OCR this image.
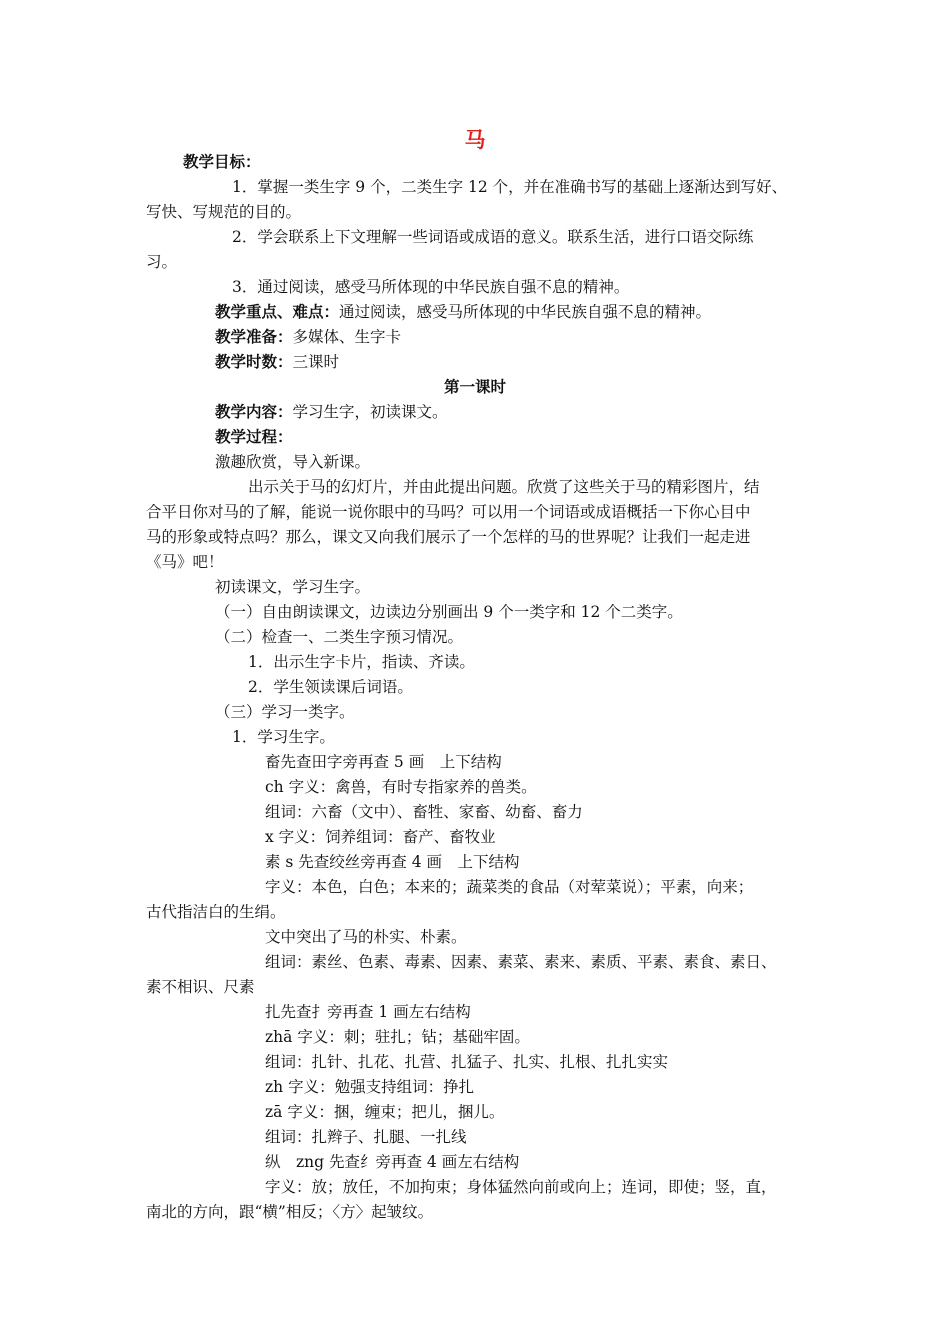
马
教学目标：
1．掌握一类生字 9 个，二类生字 12 个，并在准确书写的基础上逐渐达到写好、
写快、写规范的目的。
2．学会联系上下文理解一些词语或成语的意义。联系生活，进行口语交际练
习。
3．通过阅读，感受马所体现的中华民族自强不息的精神。
教学重点、难点：通过阅读，感受马所体现的中华民族自强不息的精神。
教学准备：多媒体、生字卡
教学时数：三课时
第一课时
教学内容：学习生字，初读课文。
教学过程：
激趣欣赏，导入新课。
出示关于马的幻灯片，并由此提出问题。欣赏了这些关于马的精彩图片，结
合平日你对马的了解，能说一说你眼中的马吗？可以用一个词语或成语概括一下你心目中
马的形象或特点吗？那么，课文又向我们展示了一个怎样的马的世界呢？让我们一起走进
《马》吧！
初读课文，学习生字。
（一）自由朗读课文，边读边分别画出 9 个一类字和 12 个二类字。
（二）检查一、二类生字预习情况。
1．出示生字卡片，指读、齐读。
2．学生领读课后词语。
（三）学习一类字。
1．学习生字。
畜先查田字旁再查 5 画　上下结构
ch 字义：禽兽，有时专指家养的兽类。
组词：六畜（文中）、畜牲、家畜、幼畜、畜力
x 字义：饲养组词：畜产、畜牧业
素 s 先查绞丝旁再查 4 画　上下结构
字义：本色，白色；本来的；蔬菜类的食品（对荤菜说）；平素，向来；
古代指洁白的生绢。
文中突出了马的朴实、朴素。
组词：素丝、色素、毒素、因素、素菜、素来、素质、平素、素食、素日、
素不相识、尺素
扎先查扌旁再查 1 画左右结构
zhā 字义：刺；驻扎；钻；基础牢固。
组词：扎针、扎花、扎营、扎猛子、扎实、扎根、扎扎实实
zh 字义：勉强支持组词：挣扎
zā 字义：捆，缠束；把儿，捆儿。
组词：扎辫子、扎腿、一扎线
纵　zng 先查纟旁再查 4 画左右结构
字义：放；放任，不加拘束；身体猛然向前或向上；连词，即使；竖，直，
南北的方向，跟“横”相反；〈方〉起皱纹。
